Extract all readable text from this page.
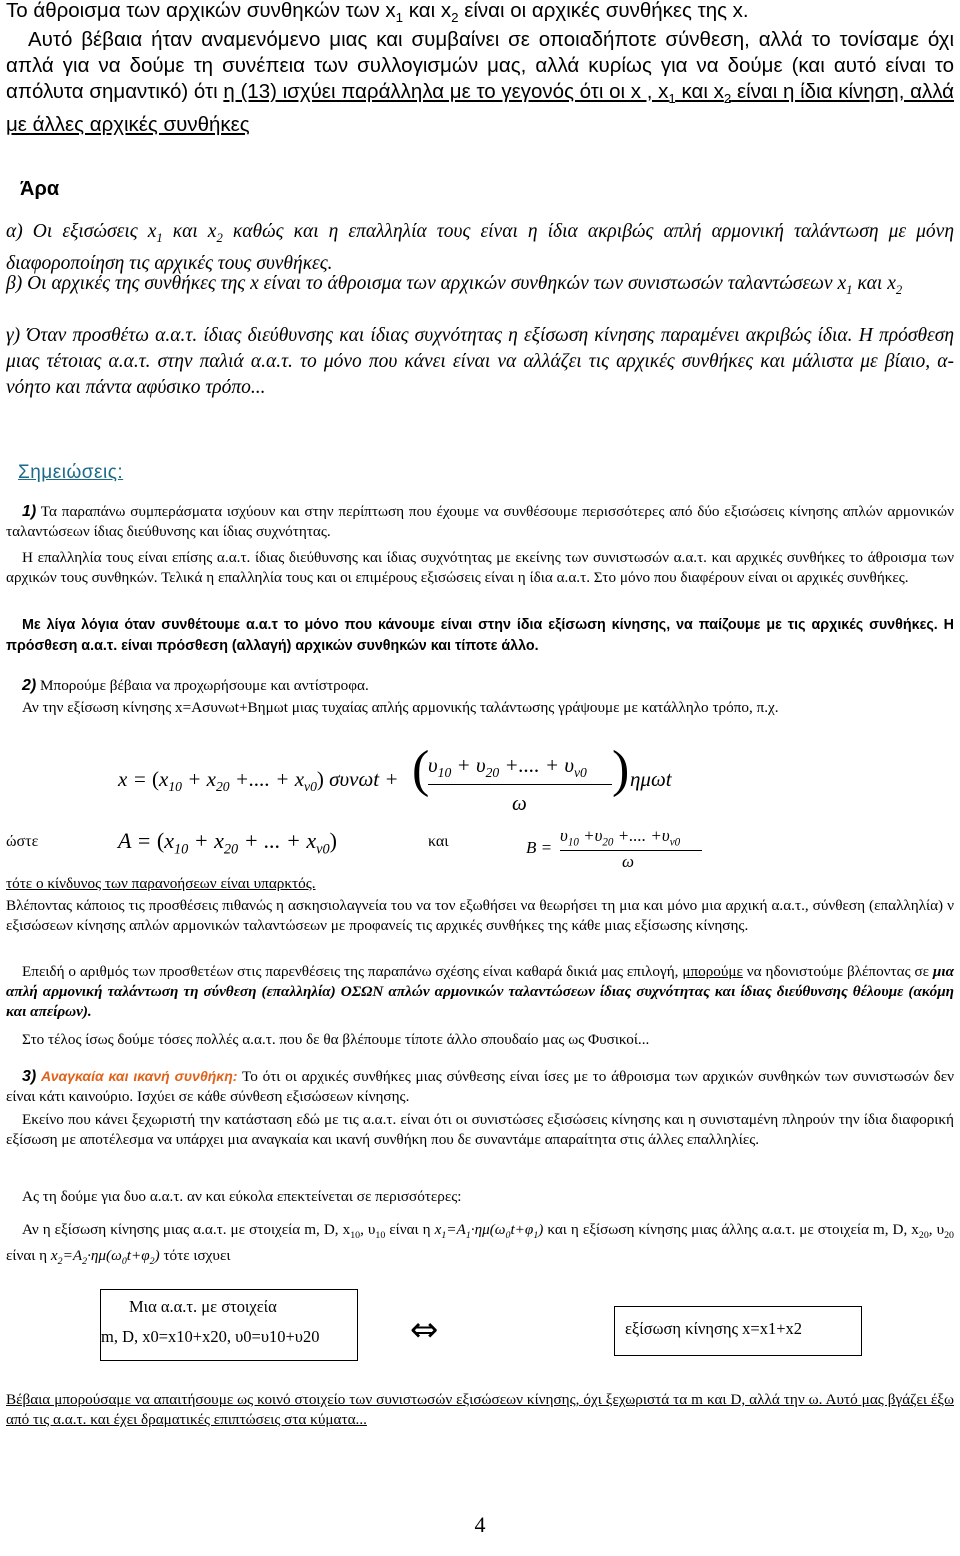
Το άθροισμα των αρχικών συνθηκών των $x_1$ και $x_2$ είναι οι αρχικές συνθήκες της x.
Αυτό βέβαια ήταν αναμενόμενο μιας και συμβαίνει σε οποιαδήποτε σύνθεση, αλλά το τονίσαμε όχι απλά για να δούμε τη συνέπεια των συλλογισμών μας, αλλά κυρίως για να δούμε (και αυτό είναι το απόλυτα σημαντικό) ότι η (13) ισχύει παράλληλα με το γεγονός ότι οι x , $x_1$ και $x_2$ είναι η ίδια κίνηση, αλλά με άλλες αρχικές συνθήκες
Άρα
α) Οι εξισώσεις $x_1$ και $x_2$ καθώς και η επαλληλία τους είναι η ίδια ακριβώς απλή αρμονική ταλάντωση με μόνη διαφοροποίηση τις αρχικές τους συνθήκες.
β) Οι αρχικές της συνθήκες της x είναι το άθροισμα των αρχικών συνθηκών των συνιστωσών ταλαντώσεων $x_1$ και $x_2$
γ) Όταν προσθέτω α.α.τ. ίδιας διεύθυνσης και ίδιας συχνότητας η εξίσωση κίνησης παραμένει ακριβώς ίδια. Η πρόσθεση μιας τέτοιας α.α.τ. στην παλιά α.α.τ. το μόνο που κάνει είναι να αλλάζει τις αρχικές συνθήκες και μάλιστα με βίαιο, α-νόητο και πάντα αφύσικο τρόπο...
Σημειώσεις:
1) Τα παραπάνω συμπεράσματα ισχύουν και στην περίπτωση που έχουμε να συνθέσουμε περισσότερες από δύο εξισώσεις κίνησης απλών αρμονικών ταλαντώσεων ίδιας διεύθυνσης και ίδιας συχνότητας.
Η επαλληλία τους είναι επίσης α.α.τ. ίδιας διεύθυνσης και ίδιας συχνότητας με εκείνης των συνιστωσών α.α.τ. και αρχικές συνθήκες το άθροισμα των αρχικών τους συνθηκών. Τελικά η επαλληλία τους και οι επιμέρους εξισώσεις είναι η ίδια α.α.τ. Στο μόνο που διαφέρουν είναι οι αρχικές συνθήκες.
Με λίγα λόγια όταν συνθέτουμε α.α.τ το μόνο που κάνουμε είναι στην ίδια εξίσωση κίνησης, να παίζουμε με τις αρχικές συνθήκες. Η πρόσθεση α.α.τ. είναι πρόσθεση (αλλαγή) αρχικών συνθηκών και τίποτε άλλο.
2) Μπορούμε βέβαια να προχωρήσουμε και αντίστροφα.
Αν την εξίσωση κίνησης x=Aσυνωt+Bημωt μιας τυχαίας απλής αρμονικής ταλάντωσης γράψουμε με κατάλληλο τρόπο, π.χ.
$x = (x_{10} + x_{20}$ +.... + $x_{\nu 0}$) συνωt + (
$\upsilon_{10} + \upsilon_{20}$ +.... + $\upsilon_{\nu 0}$
ω
) ημωt
ώστε	$A = (x_{10} + x_{20}$ + ... + $x_{\nu 0}$)	και	B =
$\upsilon_{10} +\upsilon_{20}$ +.... $+\upsilon_{\nu 0}$
ω
τότε ο κίνδυνος των παρανοήσεων είναι υπαρκτός.
Βλέποντας κάποιος τις προσθέσεις πιθανώς η ασκησιολαγνεία του να τον εξωθήσει να θεωρήσει τη μια και μόνο μια αρχική α.α.τ., σύνθεση (επαλληλία) ν εξισώσεων κίνησης απλών αρμονικών ταλαντώσεων με προφανείς τις αρχικές συνθήκες της κάθε μιας εξίσωσης κίνησης.
Επειδή ο αριθμός των προσθετέων στις παρενθέσεις της παραπάνω σχέσης είναι καθαρά δικιά μας επιλογή, μπορούμε να ηδονιστούμε βλέποντας σε μια απλή αρμονική ταλάντωση τη σύνθεση (επαλληλία) ΟΣΩΝ απλών αρμονικών ταλαντώσεων ίδιας συχνότητας και ίδιας διεύθυνσης θέλουμε (ακόμη και απείρων).
Στο τέλος ίσως δούμε τόσες πολλές α.α.τ. που δε θα βλέπουμε τίποτε άλλο σπουδαίο μας ως Φυσικοί...
3) Αναγκαία και ικανή συνθήκη: Το ότι οι αρχικές συνθήκες μιας σύνθεσης είναι ίσες με το άθροισμα των αρχικών συνθηκών των συνιστωσών δεν είναι κάτι καινούριο. Ισχύει σε κάθε σύνθεση εξισώσεων κίνησης.
Εκείνο που κάνει ξεχωριστή την κατάσταση εδώ με τις α.α.τ. είναι ότι οι συνιστώσες εξισώσεις κίνησης και η συνισταμένη πληρούν την ίδια διαφορική εξίσωση με αποτέλεσμα να υπάρχει μια αναγκαία και ικανή συνθήκη που δε συναντάμε απαραίτητα στις άλλες επαλληλίες.
Ας τη δούμε για δυο α.α.τ. αν και εύκολα επεκτείνεται σε περισσότερες:
Αν η εξίσωση κίνησης μιας α.α.τ. με στοιχεία m, D, $x_{10}$, $\upsilon_{10}$ είναι η $x_1=A_1\cdot\eta\mu(\omega_0t+\varphi_1)$ και η εξίσωση κίνησης μιας άλλης α.α.τ. με στοιχεία m, D, $x_{20}$, $\upsilon_{20}$ είναι η $x_2=A_2\cdot\eta\mu(\omega_0t+\varphi_2)$ τότε ισχυει
Μια α.α.τ. με στοιχεία
m, D, x0=x10+x20, υ0=υ10+υ20	⇔	εξίσωση κίνησης x=x1+x2
Βέβαια μπορούσαμε να απαιτήσουμε ως κοινό στοιχείο των συνιστωσών εξισώσεων κίνησης, όχι ξεχωριστά τα m και D, αλλά την ω. Αυτό μας βγάζει έξω από τις α.α.τ. και έχει δραματικές επιπτώσεις στα κύματα...
4
